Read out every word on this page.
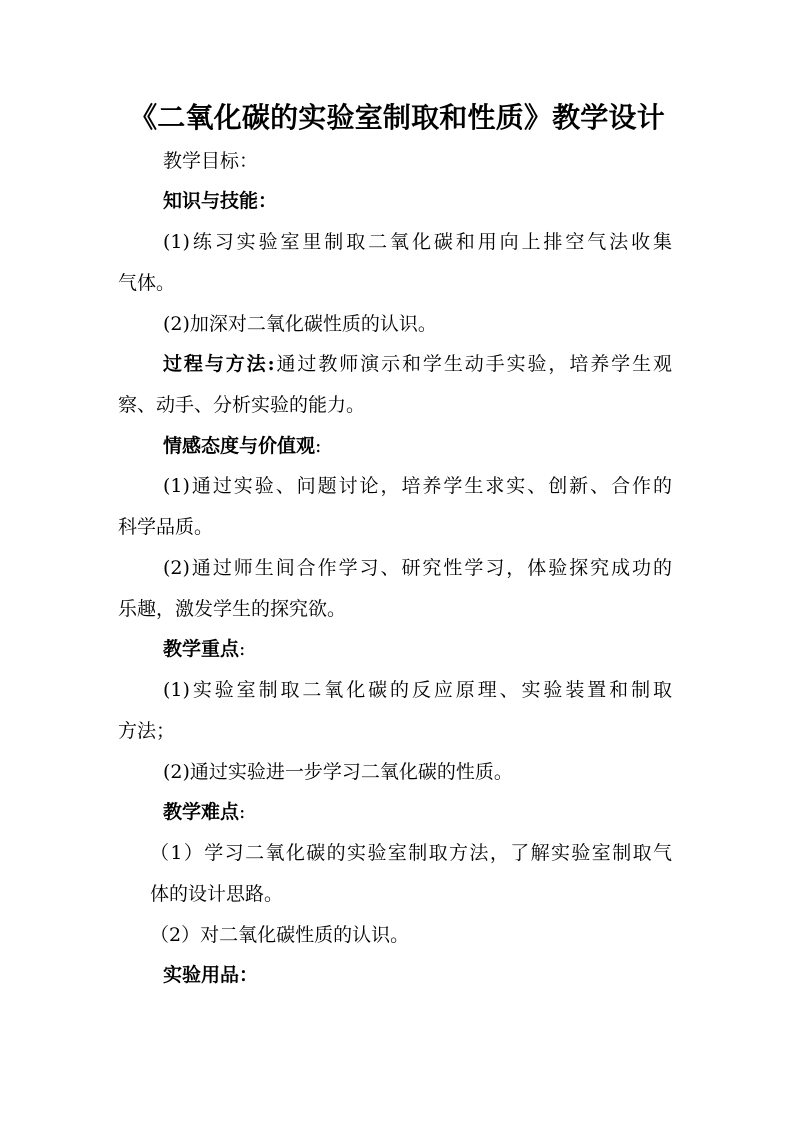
《二氧化碳的实验室制取和性质》教学设计
教学目标：
知识与技能：
(1)练习实验室里制取二氧化碳和用向上排空气法收集
气体。
(2)加深对二氧化碳性质的认识。
过程与方法:通过教师演示和学生动手实验，培养学生观
察、动手、分析实验的能力。
情感态度与价值观:
(1)通过实验、问题讨论，培养学生求实、创新、合作的
科学品质。
(2)通过师生间合作学习、研究性学习，体验探究成功的
乐趣，激发学生的探究欲。
教学重点:
(1)实验室制取二氧化碳的反应原理、实验装置和制取
方法；
(2)通过实验进一步学习二氧化碳的性质。
教学难点:
（1）学习二氧化碳的实验室制取方法，了解实验室制取气
体的设计思路。
（2）对二氧化碳性质的认识。
实验用品：
